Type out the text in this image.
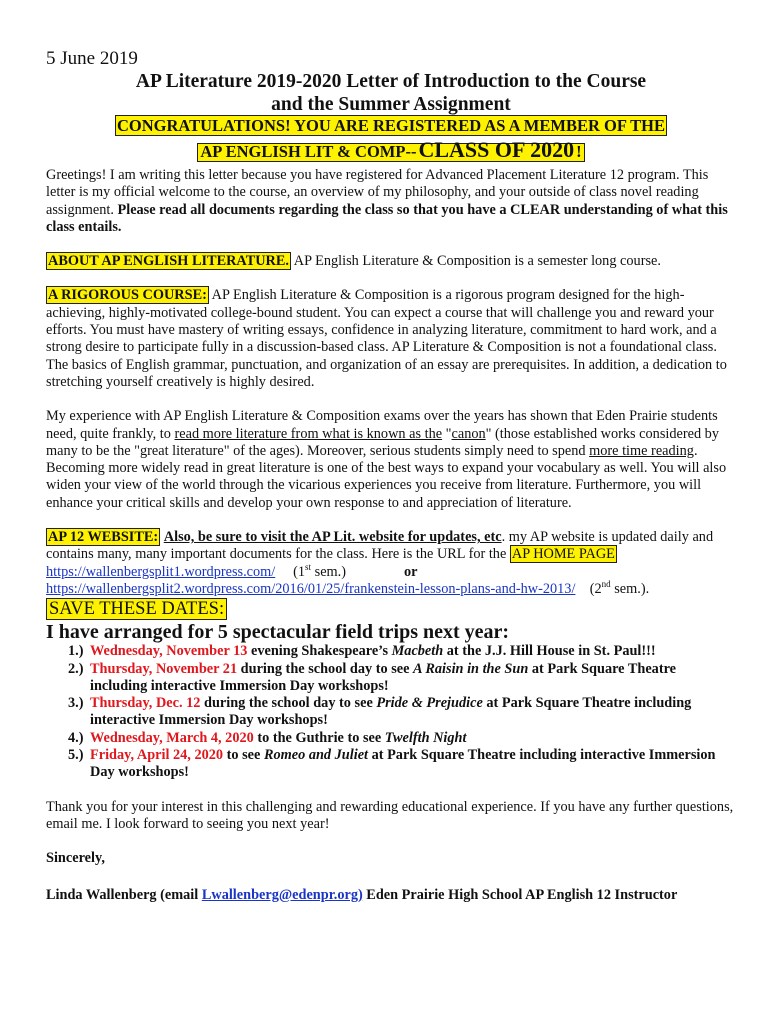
5 June 2019

AP Literature 2019-2020 Letter of Introduction to the Course
and the Summer Assignment
CONGRATULATIONS! YOU ARE REGISTERED AS A MEMBER OF THE
AP ENGLISH LIT & COMP--CLASS OF 2020 !

Greetings! I am writing this letter because you have registered for Advanced Placement Literature 12 program. This letter is my official welcome to the course, an overview of my philosophy, and your outside of class novel reading assignment. Please read all documents regarding the class so that you have a CLEAR understanding of what this class entails.

ABOUT AP ENGLISH LITERATURE. AP English Literature & Composition is a semester long course.

A RIGOROUS COURSE: AP English Literature & Composition is a rigorous program designed for the high-achieving, highly-motivated college-bound student. You can expect a course that will challenge you and reward your efforts. You must have mastery of writing essays, confidence in analyzing literature, commitment to hard work, and a strong desire to participate fully in a discussion-based class. AP Literature & Composition is not a foundational class. The basics of English grammar, punctuation, and organization of an essay are prerequisites. In addition, a dedication to stretching yourself creatively is highly desired.

My experience with AP English Literature & Composition exams over the years has shown that Eden Prairie students need, quite frankly, to read more literature from what is known as the "canon" (those established works considered by many to be the "great literature" of the ages). Moreover, serious students simply need to spend more time reading. Becoming more widely read in great literature is one of the best ways to expand your vocabulary as well. You will also widen your view of the world through the vicarious experiences you receive from literature. Furthermore, you will enhance your critical skills and develop your own response to and appreciation of literature.

AP 12 WEBSITE: Also, be sure to visit the AP Lit. website for updates, etc. my AP website is updated daily and contains many, many important documents for the class. Here is the URL for the AP HOME PAGE
https://wallenbergsplit1.wordpress.com/     (1st sem.)	or
https://wallenbergsplit2.wordpress.com/2016/01/25/frankenstein-lesson-plans-and-hw-2013/    (2nd sem.).

SAVE THESE DATES:

I have arranged for 5 spectacular field trips next year:

1.) Wednesday, November 13 evening Shakespeare’s Macbeth at the J.J. Hill House in St. Paul!!!
2.) Thursday, November 21 during the school day to see A Raisin in the Sun at Park Square Theatre including interactive Immersion Day workshops!
3.) Thursday, Dec. 12 during the school day to see Pride & Prejudice at Park Square Theatre including interactive Immersion Day workshops!
4.) Wednesday, March 4, 2020 to the Guthrie to see Twelfth Night
5.) Friday, April 24, 2020 to see Romeo and Juliet at Park Square Theatre including interactive Immersion Day workshops!

Thank you for your interest in this challenging and rewarding educational experience. If you have any further questions, email me. I look forward to seeing you next year!

Sincerely,

Linda Wallenberg (email Lwallenberg@edenpr.org) Eden Prairie High School AP English 12 Instructor
